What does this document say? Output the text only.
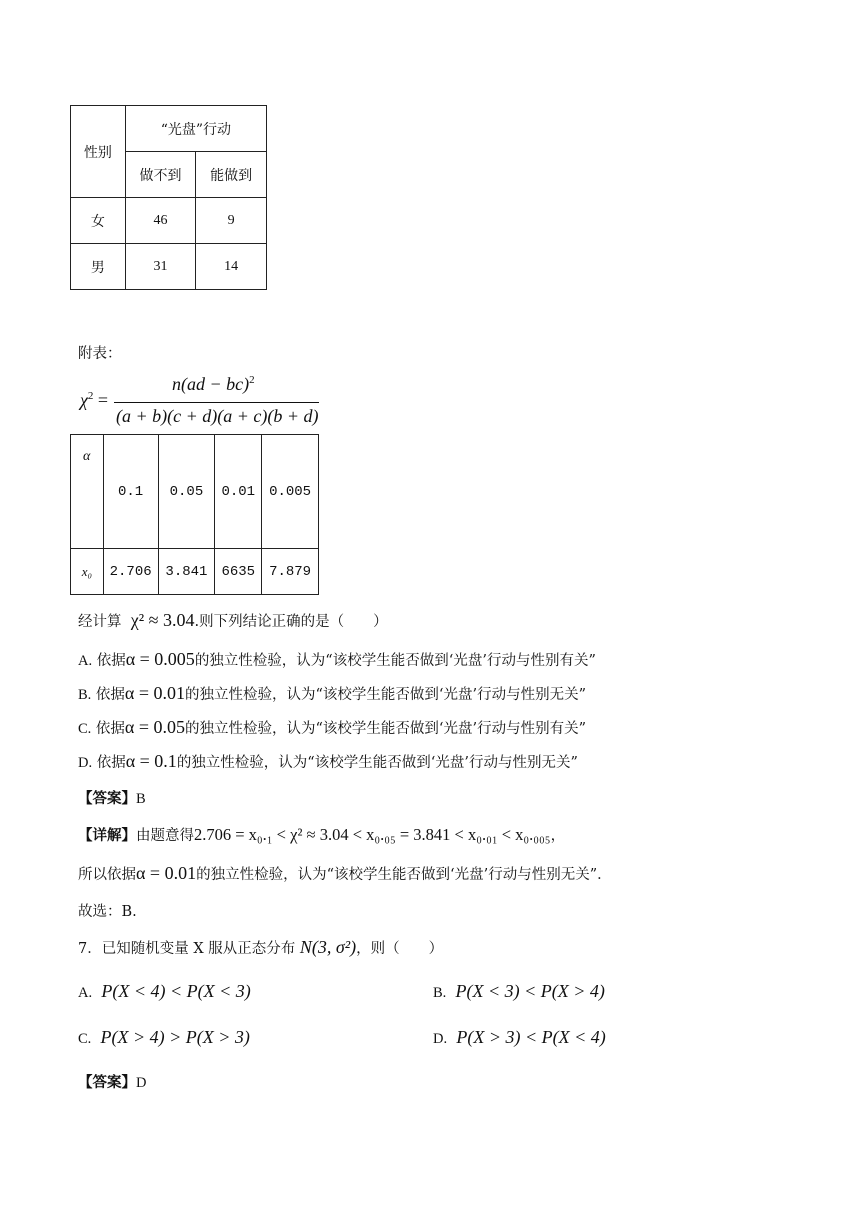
性别	“光盘”行动	
	做不到	能做到
女	46	9
男	31	14
附表：
$\chi^2$ =
n(ad − bc)$^2$
(a + b)(c + d)(a + c)(b + d)
α	0.1	0.05	0.01	0.005
x₀	2.706	3.841	6635	7.879
经计算 χ² ≈ 3.04.则下列结论正确的是（　　）
A. 依据α = 0.005的独立性检验，认为“该校学生能否做到‘光盘’行动与性别有关”
B. 依据α = 0.01的独立性检验，认为“该校学生能否做到‘光盘’行动与性别无关”
C. 依据α = 0.05的独立性检验，认为“该校学生能否做到‘光盘’行动与性别有关”
D. 依据α = 0.1的独立性检验，认为“该校学生能否做到‘光盘’行动与性别无关”
【答案】B
【详解】由题意得2.706 = x₀.₁ < χ² ≈ 3.04 < x₀.₀₅ = 3.841 < x₀.₀₁ < x₀.₀₀₅，
所以依据α = 0.01的独立性检验，认为“该校学生能否做到‘光盘’行动与性别无关”．
故选：B.
7．已知随机变量 X 服从正态分布 N(3, σ²)，则（　　）
A. P(X < 4) < P(X < 3)	B. P(X < 3) < P(X > 4)
C. P(X > 4) > P(X > 3)	D. P(X > 3) < P(X < 4)
【答案】D
